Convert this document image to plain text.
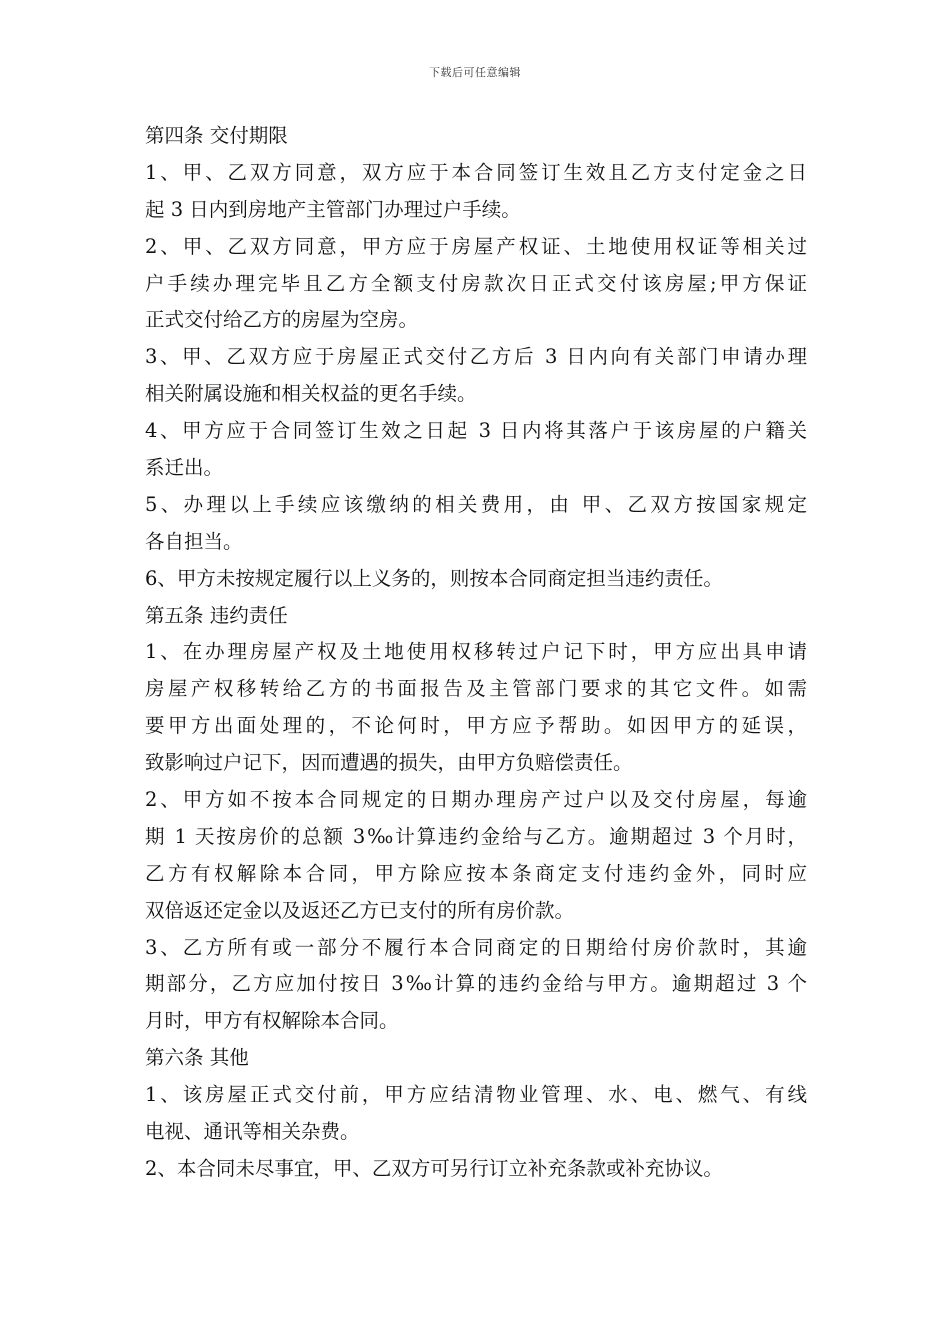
下载后可任意编辑
第四条 交付期限
1、甲、乙双方同意，双方应于本合同签订生效且乙方支付定金之日
起 3 日内到房地产主管部门办理过户手续。
2、甲、乙双方同意，甲方应于房屋产权证、土地使用权证等相关过
户手续办理完毕且乙方全额支付房款次日正式交付该房屋;甲方保证
正式交付给乙方的房屋为空房。
3、甲、乙双方应于房屋正式交付乙方后 3 日内向有关部门申请办理
相关附属设施和相关权益的更名手续。
4、甲方应于合同签订生效之日起 3 日内将其落户于该房屋的户籍关
系迁出。
5、办理以上手续应该缴纳的相关费用，由 甲、乙双方按国家规定
各自担当。
6、甲方未按规定履行以上义务的，则按本合同商定担当违约责任。
第五条 违约责任
1、在办理房屋产权及土地使用权移转过户记下时，甲方应出具申请
房屋产权移转给乙方的书面报告及主管部门要求的其它文件。如需
要甲方出面处理的，不论何时，甲方应予帮助。如因甲方的延误，
致影响过户记下，因而遭遇的损失，由甲方负赔偿责任。
2、甲方如不按本合同规定的日期办理房产过户以及交付房屋，每逾
期 1 天按房价的总额 3‰计算违约金给与乙方。逾期超过 3 个月时，
乙方有权解除本合同，甲方除应按本条商定支付违约金外，同时应
双倍返还定金以及返还乙方已支付的所有房价款。
3、乙方所有或一部分不履行本合同商定的日期给付房价款时，其逾
期部分，乙方应加付按日 3‰计算的违约金给与甲方。逾期超过 3 个
月时，甲方有权解除本合同。
第六条 其他
1、该房屋正式交付前，甲方应结清物业管理、水、电、燃气、有线
电视、通讯等相关杂费。
2、本合同未尽事宜，甲、乙双方可另行订立补充条款或补充协议。
